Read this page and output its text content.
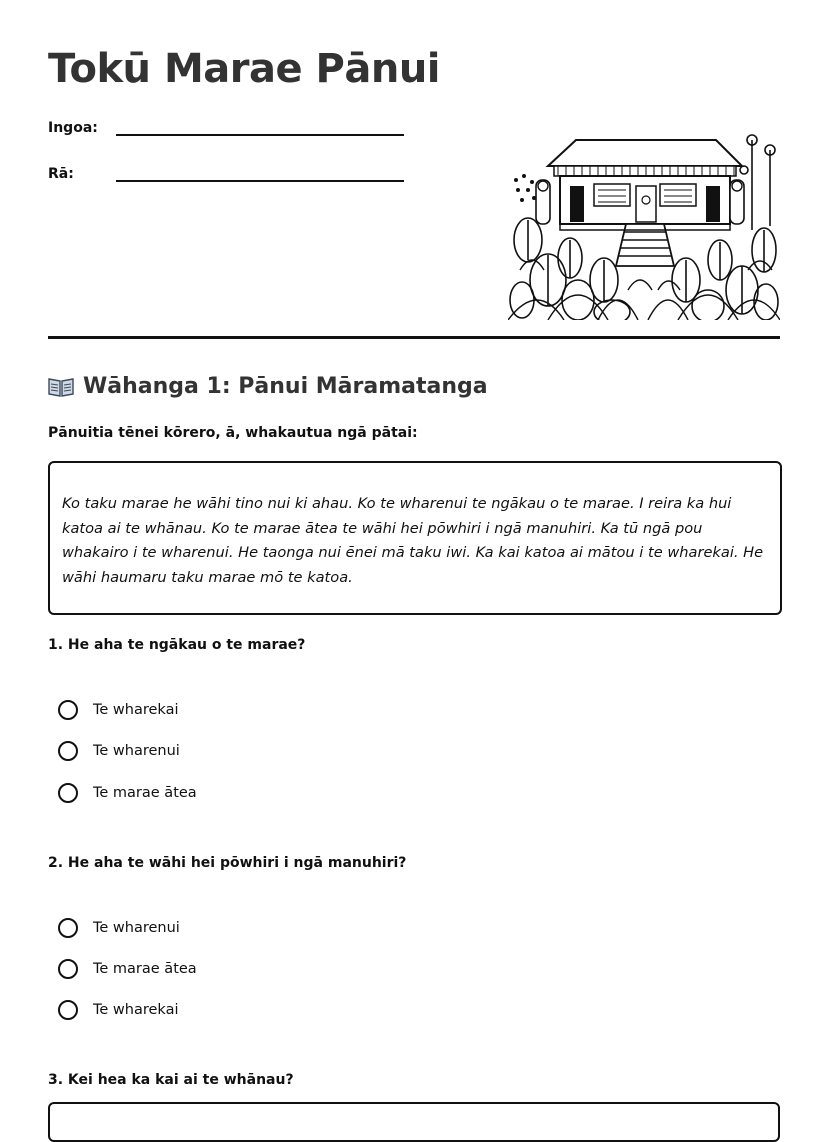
Tokū Marae Pānui
Ingoa:
Rā:
Wāhanga 1: Pānui Māramatanga

Pānuitia tēnei kōrero, ā, whakautua ngā pātai:

Ko taku marae he wāhi tino nui ki ahau. Ko te wharenui te ngākau o te marae. I reira ka hui katoa ai te whānau. Ko te marae ātea te wāhi hei pōwhiri i ngā manuhiri. Ka tū ngā pou whakairo i te wharenui. He taonga nui ēnei mā taku iwi. Ka kai katoa ai mātou i te wharekai. He wāhi haumaru taku marae mō te katoa.

1. He aha te ngākau o te marae?

Te wharekai
Te wharenui
Te marae ātea

2. He aha te wāhi hei pōwhiri i ngā manuhiri?

Te wharenui
Te marae ātea
Te wharekai

3. Kei hea ka kai ai te whānau?
